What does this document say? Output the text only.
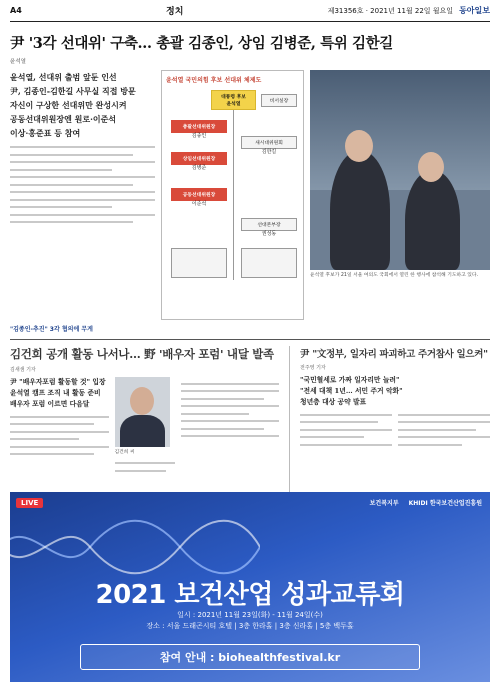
A4	정치	제31356호 · 2021년 11월 22일 월요일 동아일보
尹 '3각 선대위' 구축… 총괄 김종인, 상임 김병준, 특위 김한길
윤석열
윤석열, 선대위 출범 앞둔 인선
尹, 김종인-김한길 사무실 직접 방문
자신이 구상한 선대위만 완성시켜
공동선대위원장엔 원로·이준석
이상·홍준표 등 참여
윤석열 국민의힘 후보 선대위 체제도
대통령 후보
윤석열
비서실장
총괄선대위원장
김종인
상임선대위원장
김병준
새시대위원회
김한길
공동선대위원장
이준석
선대본부장
권성동
윤석열 후보가 21일 서울 여의도 국회에서 열린 한 행사에 참석해 기도하고 있다.
"김종인-추진" 3각 협의에 무게
김건희 공개 활동 나서나… 野 '배우자 포럼' 내달 발족
김새샘 기자
尹 "배우자포럼 활동할 것" 입장
윤석열 캠프 조직 내 활동 준비
배우자 포럼 이르면 다음달
김건희 씨
尹 "文정부, 일자리 파괴하고 주거참사 일으켜"
전주영 기자
"국민혈세로 가짜 일자리만 늘려"
"전세 대책 1년… 서민 주거 악화"
청년층 대상 공약 발표
LIVE	보건복지부 KHIDI 한국보건산업진흥원
2021 보건산업 성과교류회
일시 : 2021년 11월 23일(화) - 11월 24일(수)
장소 : 서울 드래곤시티 호텔 | 3층 한라홀 | 3층 신라홀 | 5층 백두홀
참여 안내 : biohealthfestival.kr
